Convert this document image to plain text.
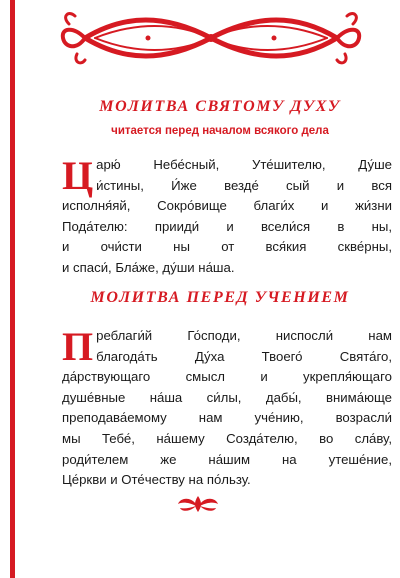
МОЛИТВА СВЯТОМУ ДУХУ

читается перед началом всякого дела

Ц арю́ Небе́сный, Уте́шителю, Ду́ше
и́стины, И́же везде́ сый и вся
исполня́яй, Сокро́вище благи́х и жи́зни
Пода́телю: прииди́ и всели́ся в ны,
и очи́сти ны от вся́кия скве́рны,
и спаси́, Бла́же, ду́ши на́ша.
МОЛИТВА ПЕРЕД УЧЕНИЕМ
П реблаги́й Го́споди, ниспосли́ нам
благода́ть Ду́ха Твоего́ Свята́го,
да́рствующаго смысл и укрепля́ющаго
душе́вные на́ша си́лы, дабы́, внима́юще
преподава́емому нам уче́нию, возрасли́
мы Тебе́, на́шему Созда́телю, во сла́ву,
роди́телем же на́шим на утеше́ние,
Це́ркви и Оте́честву на по́льзу.
